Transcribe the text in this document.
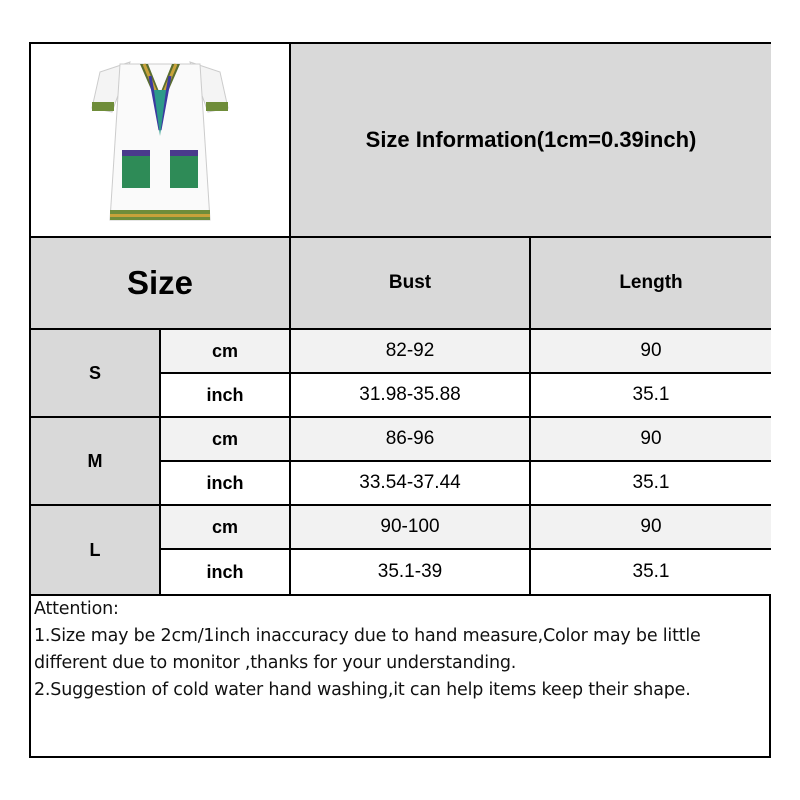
Size Information(1cm=0.39inch)
Size	Bust	Length
S
cm	82-92	90
inch	31.98-35.88	35.1
M
cm	86-96	90
inch	33.54-37.44	35.1
L
cm	90-100	90
inch	35.1-39	35.1
Attention:
1.Size may be 2cm/1inch inaccuracy due to hand measure,Color may be little
different due to monitor ,thanks for your understanding.
2.Suggestion of cold water hand washing,it can help items keep their shape.
